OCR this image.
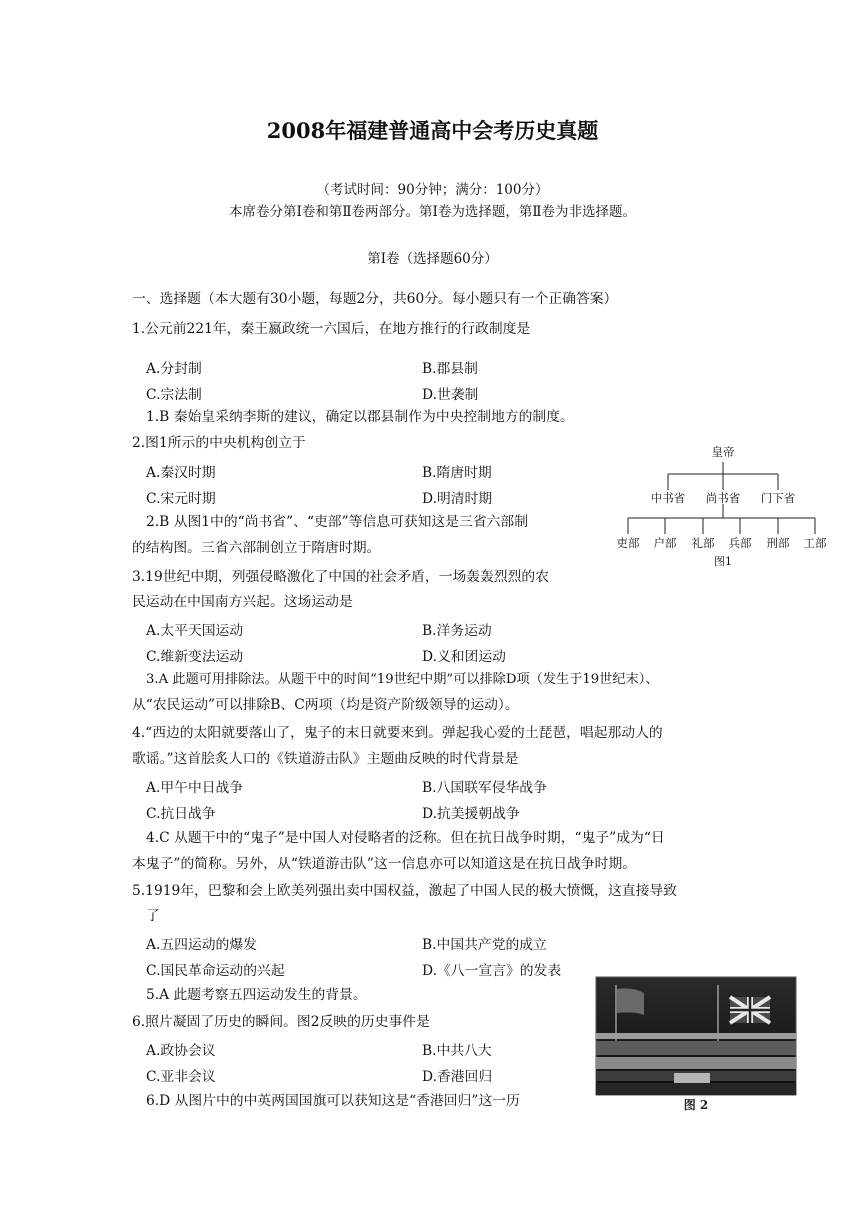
2008年福建普通高中会考历史真题
（考试时间：90分钟；满分：100分）
本席卷分第Ⅰ卷和第Ⅱ卷两部分。第Ⅰ卷为选择题，第Ⅱ卷为非选择题。
第Ⅰ卷（选择题60分）
一、选择题（本大题有30小题，每题2分，共60分。每小题只有一个正确答案）
1.公元前221年，秦王嬴政统一六国后，在地方推行的行政制度是
A.分封制	B.郡县制
C.宗法制	D.世袭制
1.B 秦始皇采纳李斯的建议，确定以郡县制作为中央控制地方的制度。
2.图1所示的中央机构创立于
A.秦汉时期	B.隋唐时期
C.宋元时期	D.明清时期
2.B 从图1中的“尚书省”、“吏部”等信息可获知这是三省六部制
的结构图。三省六部制创立于隋唐时期。
皇帝
中书省 尚书省 门下省
吏部 户部 礼部 兵部 刑部 工部
图1
3.19世纪中期，列强侵略激化了中国的社会矛盾，一场轰轰烈烈的农
民运动在中国南方兴起。这场运动是
A.太平天国运动	B.洋务运动
C.维新变法运动	D.义和团运动
3.A 此题可用排除法。从题干中的时间“19世纪中期”可以排除D项（发生于19世纪末）、
从“农民运动”可以排除B、C两项（均是资产阶级领导的运动）。
4.“西边的太阳就要落山了，鬼子的末日就要来到。弹起我心爱的土琵琶，唱起那动人的
歌谣。”这首脍炙人口的《铁道游击队》主题曲反映的时代背景是
A.甲午中日战争	B.八国联军侵华战争
C.抗日战争	D.抗美援朝战争
4.C 从题干中的“鬼子”是中国人对侵略者的泛称。但在抗日战争时期，“鬼子”成为“日
本鬼子”的简称。另外，从“铁道游击队”这一信息亦可以知道这是在抗日战争时期。
5.1919年，巴黎和会上欧美列强出卖中国权益，激起了中国人民的极大愤慨，这直接导致
了
A.五四运动的爆发	B.中国共产党的成立
C.国民革命运动的兴起	D.《八一宣言》的发表
5.A 此题考察五四运动发生的背景。
6.照片凝固了历史的瞬间。图2反映的历史事件是
A.政协会议	B.中共八大
C.亚非会议	D.香港回归
6.D 从图片中的中英两国国旗可以获知这是“香港回归”这一历	图 2
